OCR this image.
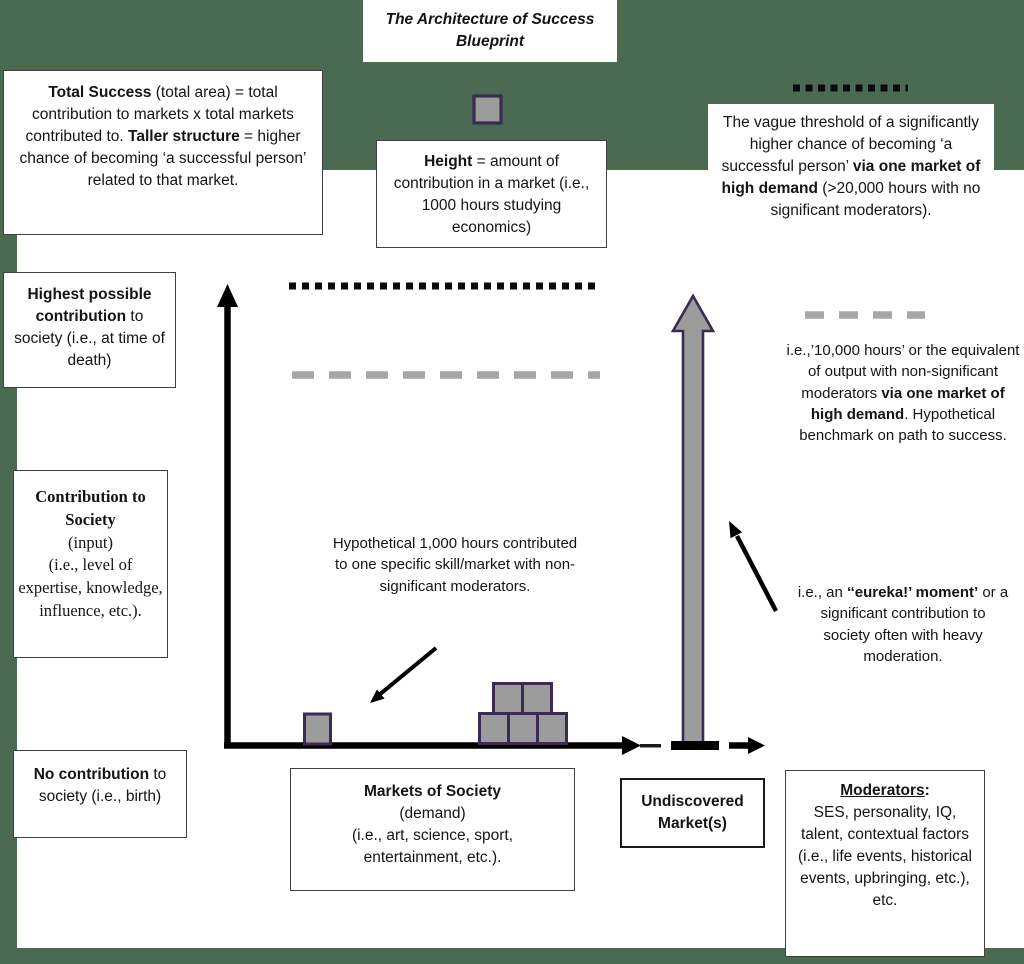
The Architecture of Success Blueprint
Total Success (total area) = total contribution to markets x total markets contributed to. Taller structure = higher chance of becoming ‘a successful person’ related to that market.
Height = amount of contribution in a market (i.e., 1000 hours studying economics)
The vague threshold of a significantly higher chance of becoming ‘a successful person’ via one market of high demand (>20,000 hours with no significant moderators).
Highest possible contribution to society (i.e., at time of death)
Contribution to Society
(input)
(i.e., level of expertise, knowledge, influence, etc.).
No contribution to society (i.e., birth)
Hypothetical 1,000 hours contributed to one specific skill/market with non-significant moderators.
i.e.,’10,000 hours’ or the equivalent of output with non-significant moderators via one market of high demand. Hypothetical benchmark on path to success.
i.e., an ‘‘eureka!’ moment’ or a significant contribution to society often with heavy moderation.
Markets of Society
(demand)
(i.e., art, science, sport, entertainment, etc.).
Undiscovered Market(s)
Moderators:
SES, personality, IQ, talent, contextual factors (i.e., life events, historical events, upbringing, etc.), etc.
